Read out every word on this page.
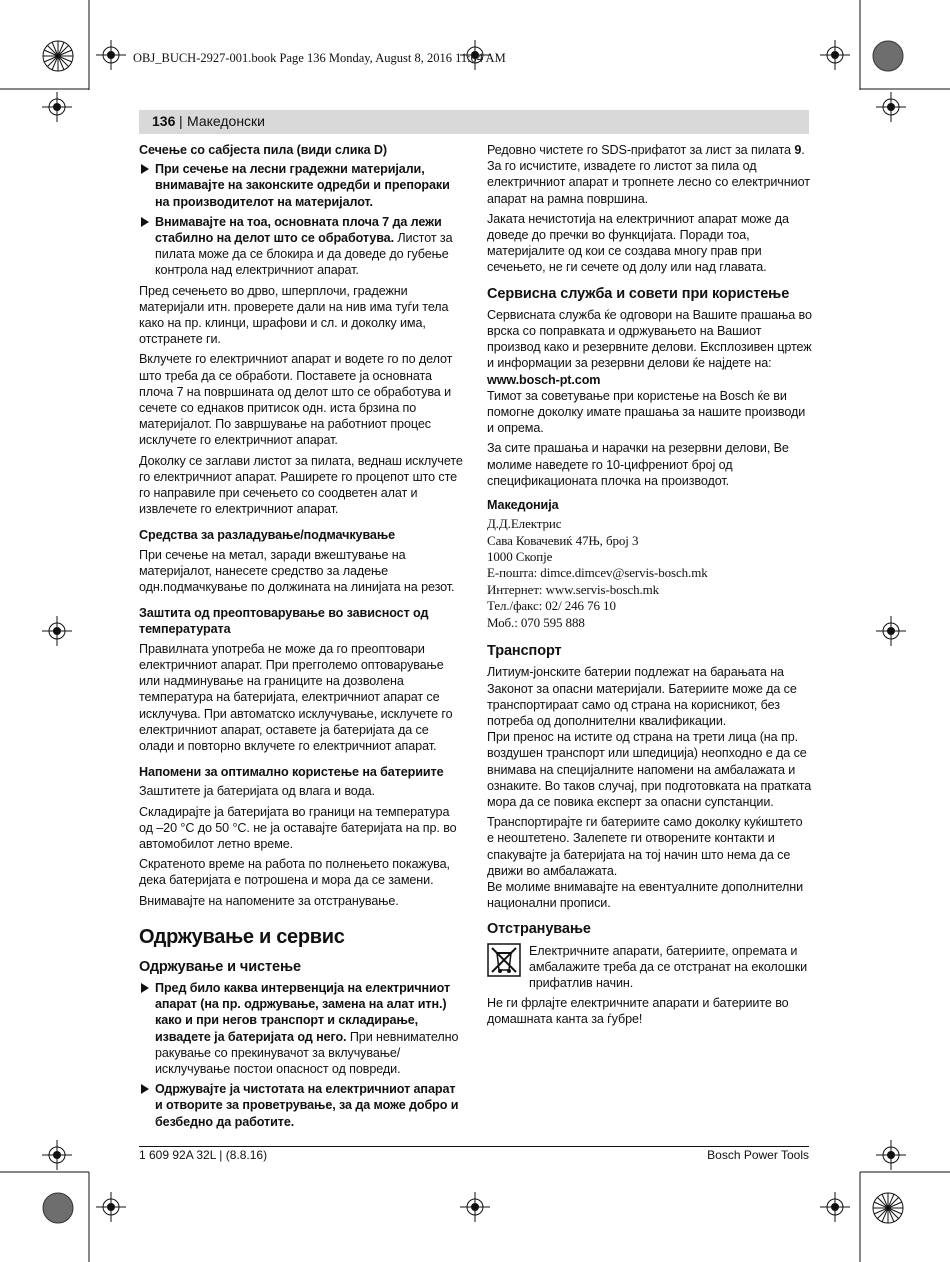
OBJ_BUCH-2927-001.book Page 136 Monday, August 8, 2016 11:04 AM
136 | Македонски

Сечење со сабјеста пила (види слика D)

При сечење на лесни градежни материјали, внимавајте на законските одредби и препораки на производителот на материјалот.
Внимавајте на тоа, основната плоча 7 да лежи стабилно на делот што се обработува. Листот за пилата може да се блокира и да доведе до губење контрола над електричниот апарат.

Пред сечењето во дрво, шперплочи, градежни материјали итн. проверете дали на нив има туѓи тела како на пр. клинци, шрафови и сл. и доколку има, отстранете ги.

Вклучете го електричниот апарат и водете го по делот што треба да се обработи. Поставете ја основната плоча 7 на површината од делот што се обработува и сечете со еднаков притисок одн. иста брзина по материјалот. По завршување на работниот процес исклучете го електричниот апарат.

Доколку се заглави листот за пилата, веднаш исклучете го електричниот апарат. Раширете го процепот што сте го направиле при сечењето со соодветен алат и извлечете го електричниот апарат.

Средства за разладување/подмачкување

При сечење на метал, заради вжештување на материјалот, нанесете средство за ладење одн.подмачкување по должината на линијата на резот.

Заштита од преоптоварување во зависност од температурата

Правилната употреба не може да го преоптовари електричниот апарат. При прегголемо оптоварување или надминување на границите на дозволена температура на батеријата, електричниот апарат се исклучува. При автоматско исклучување, исклучете го електричниот апарат, оставете ја батеријата да се олади и повторно вклучете го електричниот апарат.

Напомени за оптимално користење на батериите

Заштитете ја батеријата од влага и вода.

Складирајте ја батеријата во граници на температура од –20 °C до 50 °C. не ја оставајте батеријата на пр. во автомобилот летно време.

Скратеното време на работа по полнењето покажува, дека батеријата е потрошена и мора да се замени.

Внимавајте на напомените за отстранување.

Одржување и сервис

Одржување и чистење

Пред било каква интервенција на електричниот апарат (на пр. одржување, замена на алат итн.) како и при негов транспорт и складирање, извадете ја батеријата од него. При невнимателно ракување со прекинувачот за вклучување/исклучување постои опасност од повреди.
Одржувајте ја чистотата на електричниот апарат и отворите за проветрување, за да може добро и безбедно да работите.

Редовно чистете го SDS-прифатот за лист за пилата 9. За го исчистите, извадете го листот за пила од електричниот апарат и тропнете лесно со електричниот апарат на рамна површина.

Јаката нечистотија на електричниот апарат може да доведе до пречки во функцијата. Поради тоа, материјалите од кои се создава многу прав при сечењето, не ги сечете од долу или над главата.

Сервисна служба и совети при користење

Сервисната служба ќе одговори на Вашите прашања во врска со поправката и одржувањето на Вашиот производ како и резервните делови. Експлозивен цртеж и информации за резервни делови ќе најдете на:
www.bosch-pt.com

Тимот за советување при користење на Bosch ќе ви помогне доколку имате прашања за нашите производи и опрема.

За сите прашања и нарачки на резервни делови, Ве молиме наведете го 10-цифрениот број од спецификационата плочка на производот.

Македонија

Д.Д.Електрис
Сава Ковачевиќ 47Њ, број 3
1000 Скопје
Е-пошта: dimce.dimcev@servis-bosch.mk
Интернет: www.servis-bosch.mk
Тел./факс: 02/ 246 76 10
Моб.: 070 595 888

Транспорт

Литиум-јонските батерии подлежат на барањата на Законот за опасни материјали. Батериите може да се транспортираат само од страна на корисникот, без потреба од дополнителни квалификации.

При пренос на истите од страна на трети лица (на пр. воздушен транспорт или шпедиција) неопходно е да се внимава на специјалните напомени на амбалажата и ознаките. Во таков случај, при подготовката на пратката мора да се повика експерт за опасни супстанции.

Транспортирајте ги батериите само доколку куќиштето е неоштетено. Залепете ги отворените контакти и спакувајте ја батеријата на тој начин што нема да се движи во амбалажата.

Ве молиме внимавајте на евентуалните дополнителни национални прописи.

Отстранување

Електричните апарати, батериите, опремата и амбалажите треба да се отстранат на еколошки прифатлив начин.

Не ги фрлајте електричните апарати и батериите во домашната канта за ѓубре!

1 609 92A 32L | (8.8.16)	Bosch Power Tools
